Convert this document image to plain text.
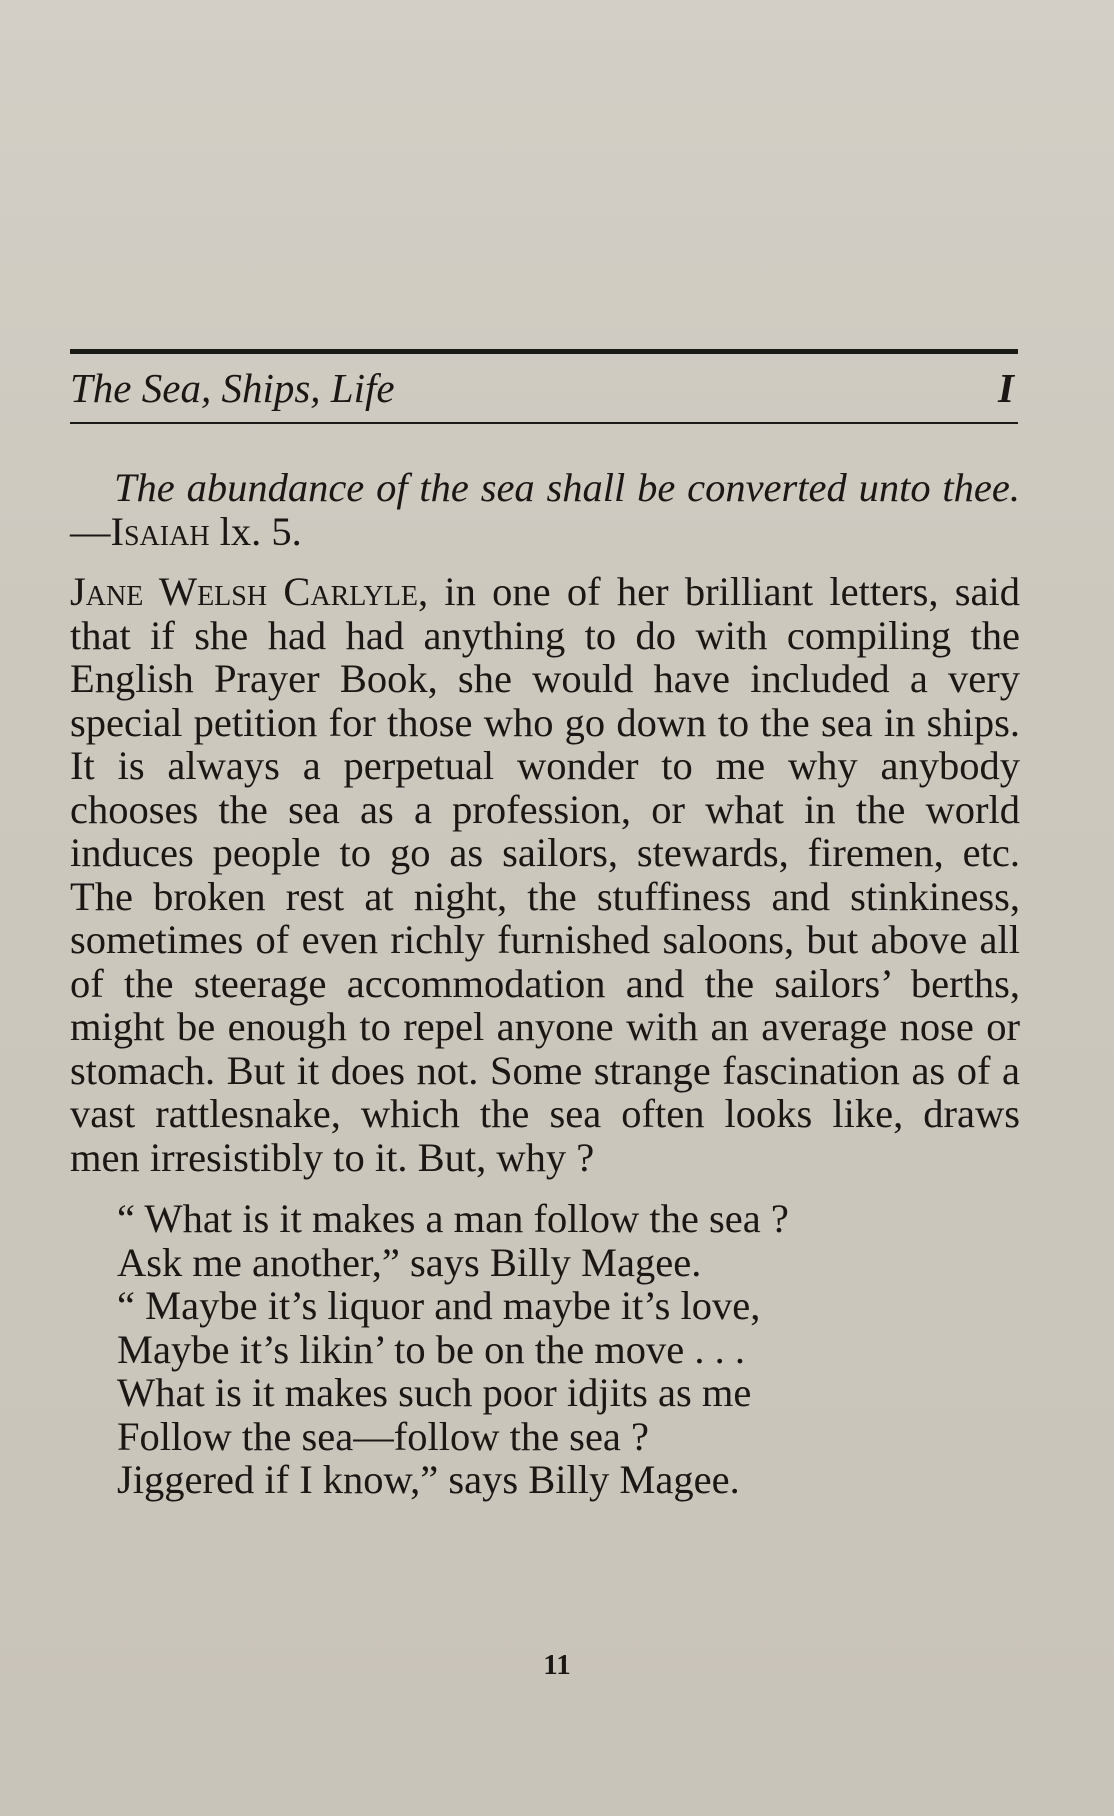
The Sea, Ships, Life	I

The abundance of the sea shall be converted unto thee.—Isaiah lx. 5.

Jane Welsh Carlyle, in one of her brilliant letters, said that if she had had anything to do with compiling the English Prayer Book, she would have included a very special petition for those who go down to the sea in ships. It is always a perpetual wonder to me why anybody chooses the sea as a profession, or what in the world induces people to go as sailors, stewards, firemen, etc. The broken rest at night, the stuffiness and stinkiness, sometimes of even richly furnished saloons, but above all of the steerage accommodation and the sailors’ berths, might be enough to repel anyone with an average nose or stomach. But it does not. Some strange fascination as of a vast rattlesnake, which the sea often looks like, draws men irresistibly to it. But, why ?

“ What is it makes a man follow the sea ?
Ask me another,” says Billy Magee.
“ Maybe it’s liquor and maybe it’s love,
Maybe it’s likin’ to be on the move . . .
What is it makes such poor idjits as me
Follow the sea—follow the sea ?
Jiggered if I know,” says Billy Magee.
11
